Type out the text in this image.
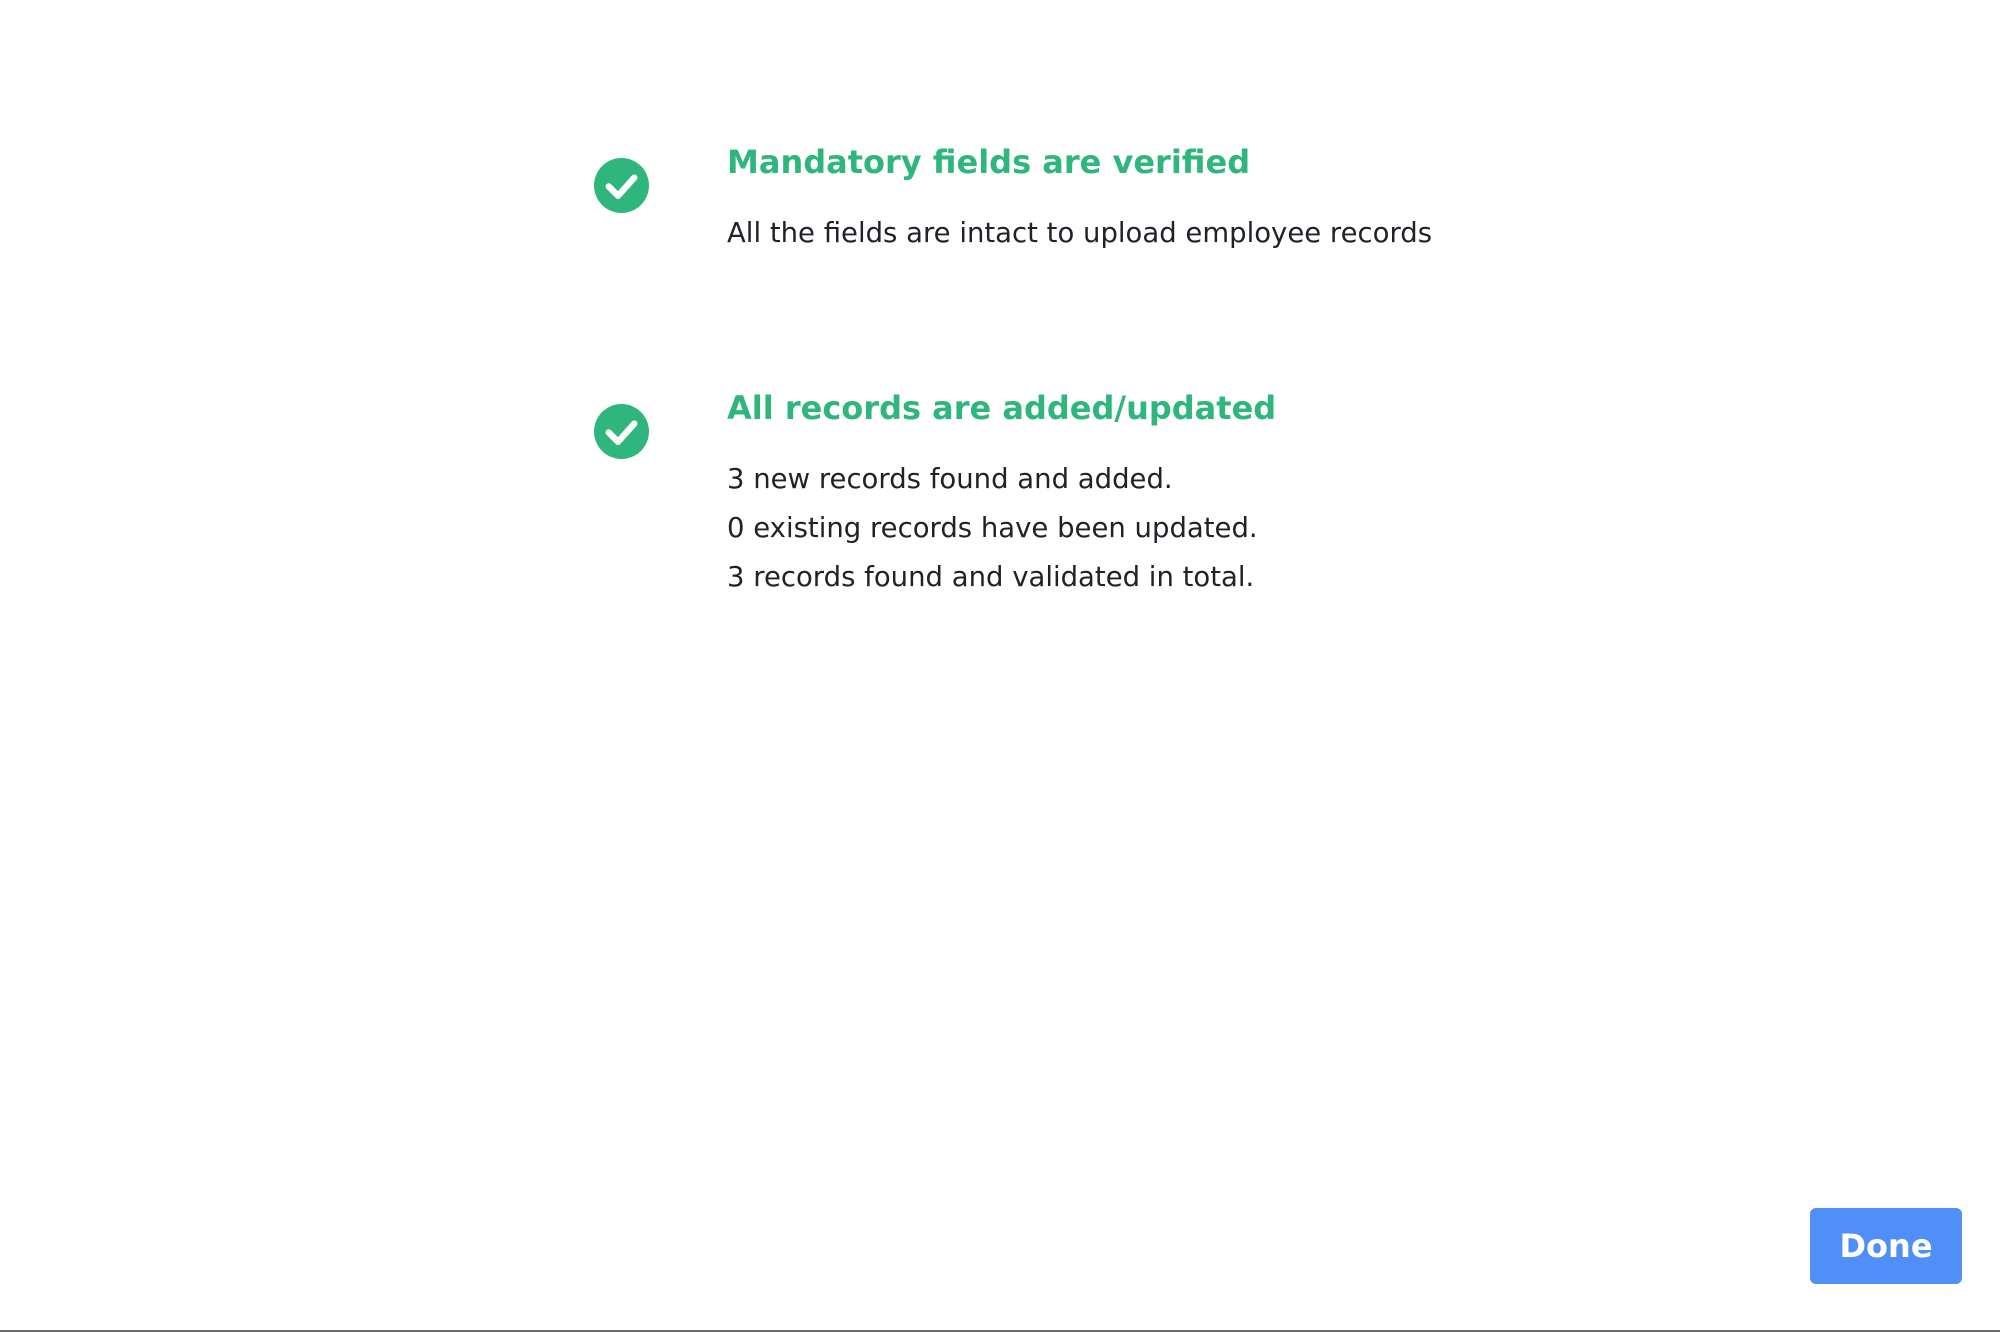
Mandatory fields are verified

All the fields are intact to upload employee records

All records are added/updated

3 new records found and added.

0 existing records have been updated.

3 records found and validated in total.

Done
